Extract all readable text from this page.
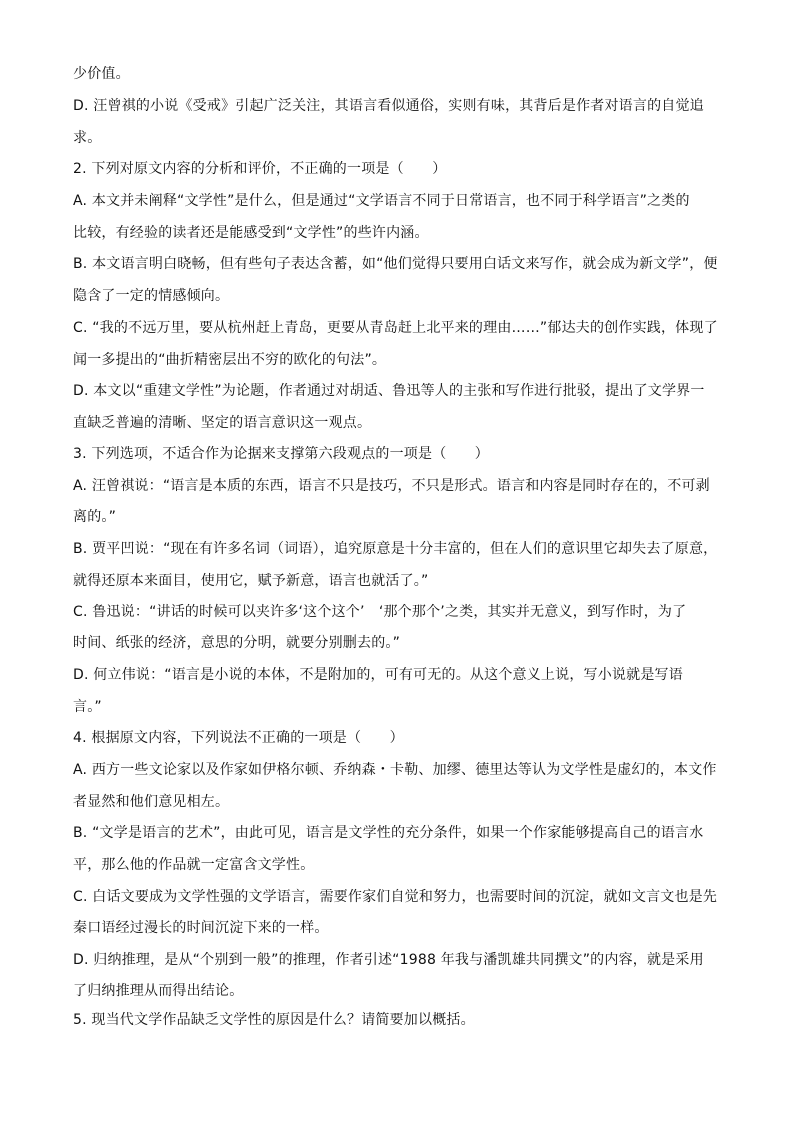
少价值。
D. 汪曾祺的小说《受戒》引起广泛关注，其语言看似通俗，实则有味，其背后是作者对语言的自觉追
求。
2. 下列对原文内容的分析和评价，不正确的一项是（　　）
A. 本文并未阐释“文学性”是什么，但是通过“文学语言不同于日常语言，也不同于科学语言”之类的
比较，有经验的读者还是能感受到“文学性”的些许内涵。
B. 本文语言明白晓畅，但有些句子表达含蓄，如“他们觉得只要用白话文来写作，就会成为新文学”，便
隐含了一定的情感倾向。
C. “我的不远万里，要从杭州赶上青岛，更要从青岛赶上北平来的理由……”郁达夫的创作实践，体现了
闻一多提出的“曲折精密层出不穷的欧化的句法”。
D. 本文以“重建文学性”为论题，作者通过对胡适、鲁迅等人的主张和写作进行批驳，提出了文学界一
直缺乏普遍的清晰、坚定的语言意识这一观点。
3. 下列选项，不适合作为论据来支撑第六段观点的一项是（　　）
A. 汪曾祺说：“语言是本质的东西，语言不只是技巧，不只是形式。语言和内容是同时存在的，不可剥
离的。”
B. 贾平凹说：“现在有许多名词（词语），追究原意是十分丰富的，但在人们的意识里它却失去了原意，
就得还原本来面目，使用它，赋予新意，语言也就活了。”
C. 鲁迅说：“讲话的时候可以夹许多‘这个这个’　‘那个那个’之类，其实并无意义，到写作时，为了
时间、纸张的经济，意思的分明，就要分别删去的。”
D. 何立伟说：“语言是小说的本体，不是附加的，可有可无的。从这个意义上说，写小说就是写语
言。”
4. 根据原文内容，下列说法不正确的一项是（　　）
A. 西方一些文论家以及作家如伊格尔顿、乔纳森・卡勒、加缪、德里达等认为文学性是虚幻的，本文作
者显然和他们意见相左。
B. “文学是语言的艺术”，由此可见，语言是文学性的充分条件，如果一个作家能够提高自己的语言水
平，那么他的作品就一定富含文学性。
C. 白话文要成为文学性强的文学语言，需要作家们自觉和努力，也需要时间的沉淀，就如文言文也是先
秦口语经过漫长的时间沉淀下来的一样。
D. 归纳推理，是从“个别到一般”的推理，作者引述“1988 年我与潘凯雄共同撰文”的内容，就是采用
了归纳推理从而得出结论。
5. 现当代文学作品缺乏文学性的原因是什么？请简要加以概括。
